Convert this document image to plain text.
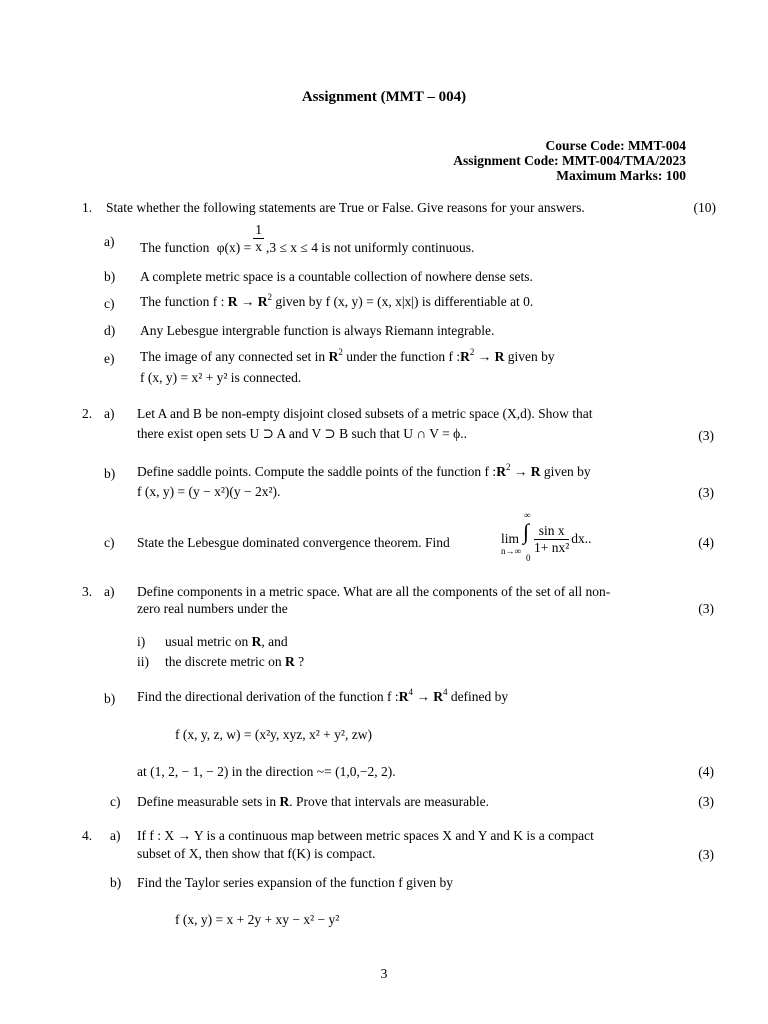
Assignment (MMT – 004)
Course Code: MMT-004
Assignment Code: MMT-004/TMA/2023
Maximum Marks: 100
1. State whether the following statements are True or False. Give reasons for your answers.	(10)
a) The function $\varphi(x) = \frac{1}{x} ,3 \le x \le 4$ is not uniformly continuous.
b) A complete metric space is a countable collection of nowhere dense sets.
c) The function f : $R \to R^2$ given by f (x, y) = (x, x|x|) is differentiable at 0.
d) Any Lebesgue intergrable function is always Riemann integrable.
e) The image of any connected set in $R^2$ under the function f $:R^2 \to R$ given by
f (x, y) = x² + y² is connected.
2. a) Let A and B be non-empty disjoint closed subsets of a metric space (X,d). Show that
there exist open sets U ⊃ A and V ⊃ B such that U ∩ V = ϕ..	(3)
b) Define saddle points. Compute the saddle points of the function f $:R^2 \to R$ given by
f (x, y) = (y − x²)(y − 2x²).	(3)
c) State the Lebesgue dominated convergence theorem. Find	lim
n→∞
∫
∞
0
$\frac{\text{sin x}}{\text{1+ nx²}}$ dx..	(4)
3. a) Define components in a metric space. What are all the components of the set of all non-
zero real numbers under the	(3)
i) usual metric on R, and
ii) the discrete metric on R ?
b) Find the directional derivation of the function f $:R^4 \to R^4$ defined by
f (x, y, z, w) = (x²y, xyz, x² + y², zw)
at (1, 2, − 1, − 2) in the direction ~= (1,0,−2, 2).	(4)
c) Define measurable sets in R. Prove that intervals are measurable.	(3)
4. a) If f : X → Y is a continuous map between metric spaces X and Y and K is a compact
subset of X, then show that f(K) is compact.	(3)
b) Find the Taylor series expansion of the function f given by
f (x, y) = x + 2y + xy − x² − y²
3
